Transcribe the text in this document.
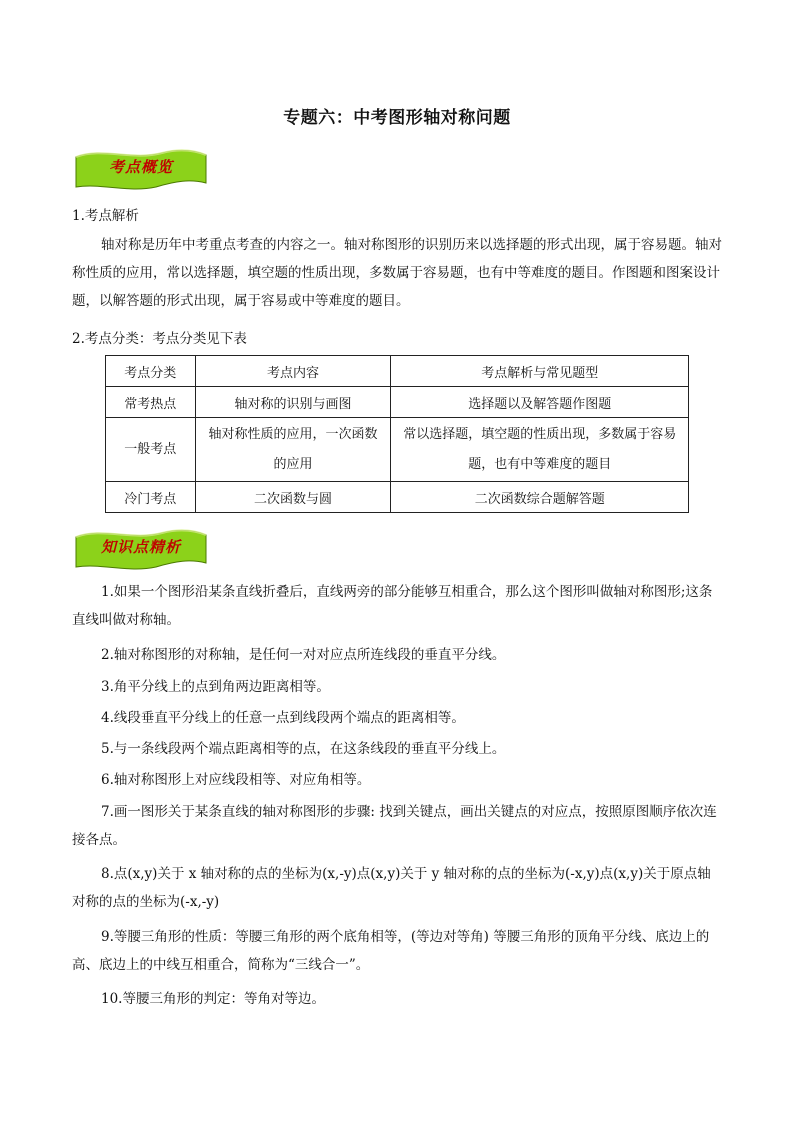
专题六：中考图形轴对称问题
考点概览
1.考点解析
轴对称是历年中考重点考查的内容之一。轴对称图形的识别历来以选择题的形式出现，属于容易题。轴对称性质的应用，常以选择题，填空题的性质出现，多数属于容易题，也有中等难度的题目。作图题和图案设计题，以解答题的形式出现，属于容易或中等难度的题目。
2.考点分类：考点分类见下表
考点分类	考点内容	考点解析与常见题型
常考热点	轴对称的识别与画图	选择题以及解答题作图题
一般考点	轴对称性质的应用，一次函数的应用	常以选择题，填空题的性质出现，多数属于容易题，也有中等难度的题目
冷门考点	二次函数与圆	二次函数综合题解答题
知识点精析
1.如果一个图形沿某条直线折叠后，直线两旁的部分能够互相重合，那么这个图形叫做轴对称图形;这条直线叫做对称轴。
2.轴对称图形的对称轴，是任何一对对应点所连线段的垂直平分线。
3.角平分线上的点到角两边距离相等。
4.线段垂直平分线上的任意一点到线段两个端点的距离相等。
5.与一条线段两个端点距离相等的点，在这条线段的垂直平分线上。
6.轴对称图形上对应线段相等、对应角相等。
7.画一图形关于某条直线的轴对称图形的步骤: 找到关键点，画出关键点的对应点，按照原图顺序依次连接各点。
8.点(x,y)关于 x 轴对称的点的坐标为(x,-y)点(x,y)关于 y 轴对称的点的坐标为(-x,y)点(x,y)关于原点轴对称的点的坐标为(-x,-y)
9.等腰三角形的性质：等腰三角形的两个底角相等，(等边对等角) 等腰三角形的顶角平分线、底边上的高、底边上的中线互相重合，简称为“三线合一”。
10.等腰三角形的判定：等角对等边。
